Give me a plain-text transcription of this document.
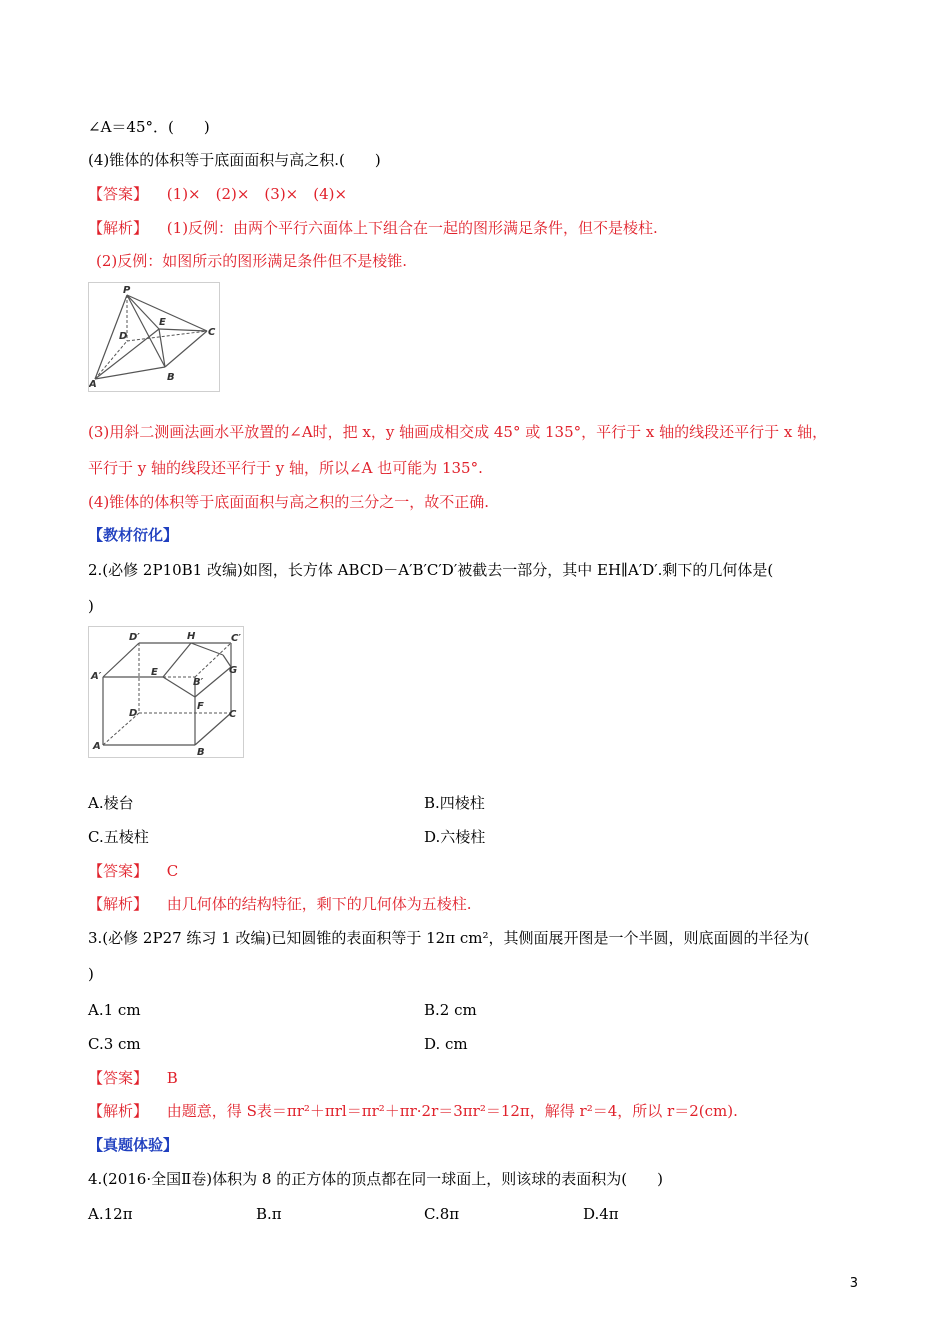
∠A＝45°．(　　)
(4)锥体的体积等于底面面积与高之积.(　　)
【答案】 (1)×　(2)×　(3)×　(4)×
【解析】 (1)反例：由两个平行六面体上下组合在一起的图形满足条件，但不是棱柱.
(2)反例：如图所示的图形满足条件但不是棱锥.
P
D
E
C
A
B
(3)用斜二测画法画水平放置的∠A时，把 x，y 轴画成相交成 45° 或 135°，平行于 x 轴的线段还平行于 x 轴，
平行于 y 轴的线段还平行于 y 轴，所以∠A 也可能为 135°.
(4)锥体的体积等于底面面积与高之积的三分之一，故不正确.
【教材衍化】
2.(必修 2P10B1 改编)如图，长方体 ABCD－A′B′C′D′被截去一部分，其中 EH∥A′D′.剩下的几何体是(
)
D′	H	C′
G
A′	E
B′
D
F
C
A
B
A.棱台	B.四棱柱
C.五棱柱	D.六棱柱
【答案】 C
【解析】 由几何体的结构特征，剩下的几何体为五棱柱.
3.(必修 2P27 练习 1 改编)已知圆锥的表面积等于 12π cm²，其侧面展开图是一个半圆，则底面圆的半径为(
)
A.1 cm	B.2 cm
C.3 cm	D. cm
【答案】 B
【解析】 由题意，得 S表＝πr²＋πrl＝πr²＋πr·2r＝3πr²＝12π，解得 r²＝4，所以 r＝2(cm).
【真题体验】
4.(2016·全国Ⅱ卷)体积为 8 的正方体的顶点都在同一球面上，则该球的表面积为(　　)
A.12π	B.π	C.8π	D.4π
3
